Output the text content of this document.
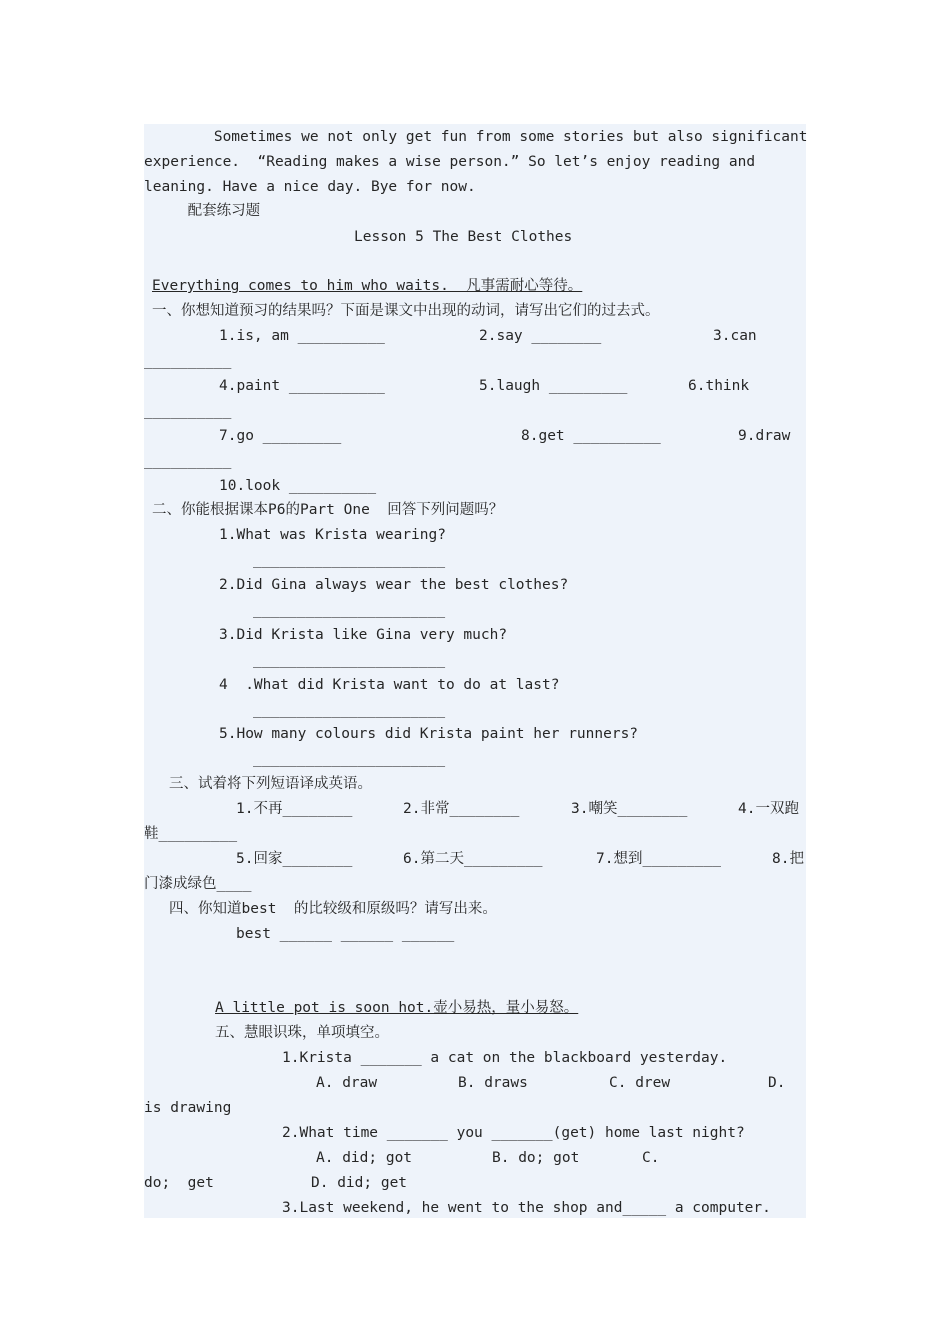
Sometimes we not only get fun from some stories but also significant
experience.  “Reading makes a wise person.” So let’s enjoy reading and
leaning. Have a nice day. Bye for now.
配套练习题
Lesson 5 The Best Clothes
Everything comes to him who waits.  凡事需耐心等待。
一、你想知道预习的结果吗？下面是课文中出现的动词，请写出它们的过去式。
1.is, am __________	2.say ________	3.can
__________
4.paint ___________	5.laugh _________	6.think
__________
7.go _________	8.get __________	9.draw
__________
10.look __________
二、你能根据课本P6的Part One  回答下列问题吗？
1.What was Krista wearing?
______________________
2.Did Gina always wear the best clothes?
______________________
3.Did Krista like Gina very much?
______________________
4  .What did Krista want to do at last?
______________________
5.How many colours did Krista paint her runners?
______________________
三、试着将下列短语译成英语。
1.不再________	2.非常________	3.嘲笑________	4.一双跑
鞋_________
5.回家________	6.第二天_________	7.想到_________	8.把
门漆成绿色____
四、你知道best  的比较级和原级吗？请写出来。
best ______ ______ ______
A little pot is soon hot.壶小易热，量小易怒。
五、慧眼识珠，单项填空。
1.Krista _______ a cat on the blackboard yesterday.
A. draw	B. draws	C. drew	D.
is drawing
2.What time _______ you _______(get) home last night?
A. did; got	B. do; got	C.
do;  get	D. did; get
3.Last weekend, he went to the shop and_____ a computer.
